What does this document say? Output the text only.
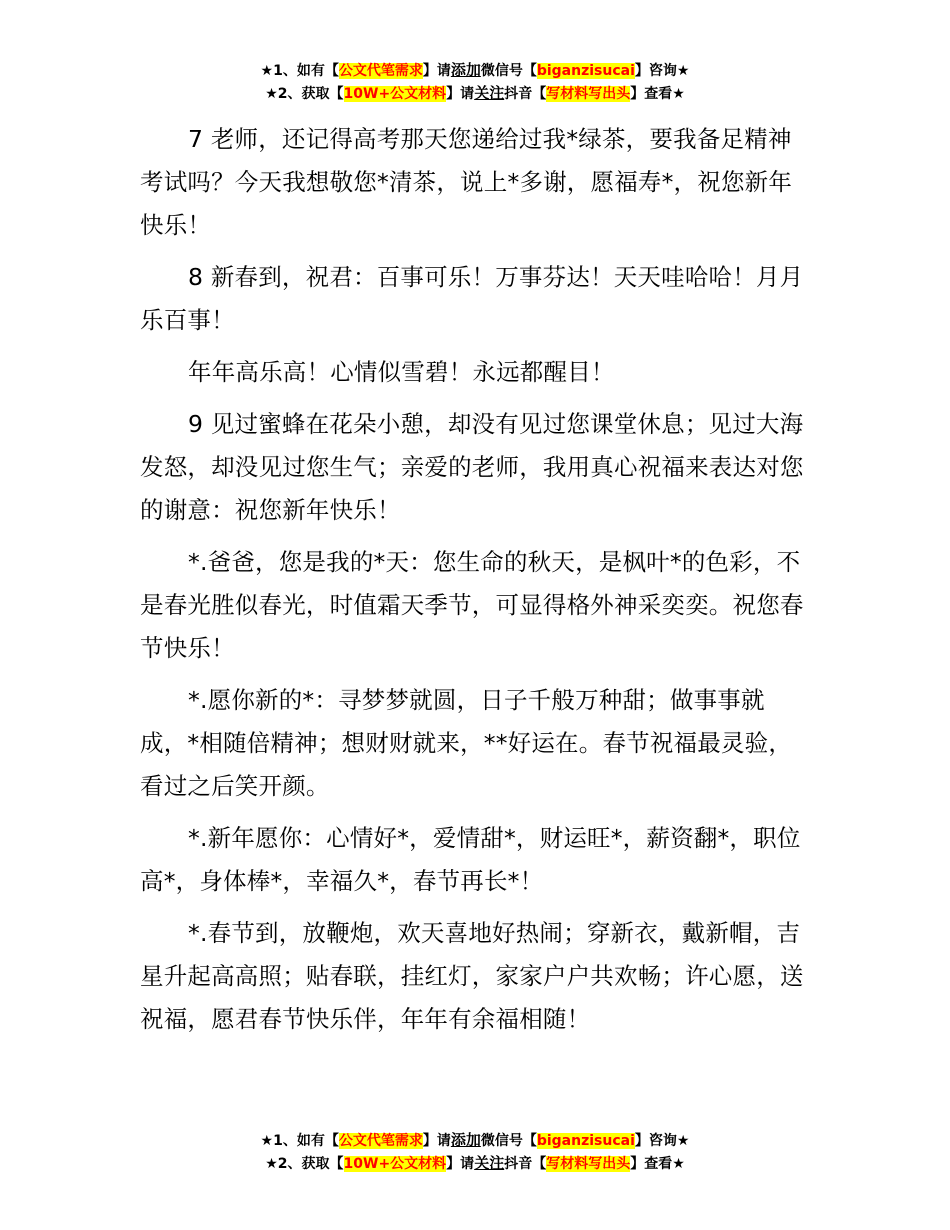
★1、如有【公文代笔需求】请添加微信号【biganzisucai】咨询★
★2、获取【10W+公文材料】请关注抖音【写材料写出头】查看★

7 老师，还记得高考那天您递给过我*绿茶，要我备足精神考试吗？今天我想敬您*清茶，说上*多谢，愿福寿*，祝您新年快乐！

8 新春到，祝君：百事可乐！万事芬达！天天哇哈哈！月月乐百事！

年年高乐高！心情似雪碧！永远都醒目！

9 见过蜜蜂在花朵小憩，却没有见过您课堂休息；见过大海发怒，却没见过您生气；亲爱的老师，我用真心祝福来表达对您的谢意：祝您新年快乐！

*.爸爸，您是我的*天：您生命的秋天，是枫叶*的色彩，不是春光胜似春光，时值霜天季节，可显得格外神采奕奕。祝您春节快乐！

*.愿你新的*：寻梦梦就圆，日子千般万种甜；做事事就成，*相随倍精神；想财财就来，**好运在。春节祝福最灵验，看过之后笑开颜。

*.新年愿你：心情好*，爱情甜*，财运旺*，薪资翻*，职位高*，身体棒*，幸福久*，春节再长*！

*.春节到，放鞭炮，欢天喜地好热闹；穿新衣，戴新帽，吉星升起高高照；贴春联，挂红灯，家家户户共欢畅；许心愿，送祝福，愿君春节快乐伴，年年有余福相随！

★1、如有【公文代笔需求】请添加微信号【biganzisucai】咨询★
★2、获取【10W+公文材料】请关注抖音【写材料写出头】查看★
